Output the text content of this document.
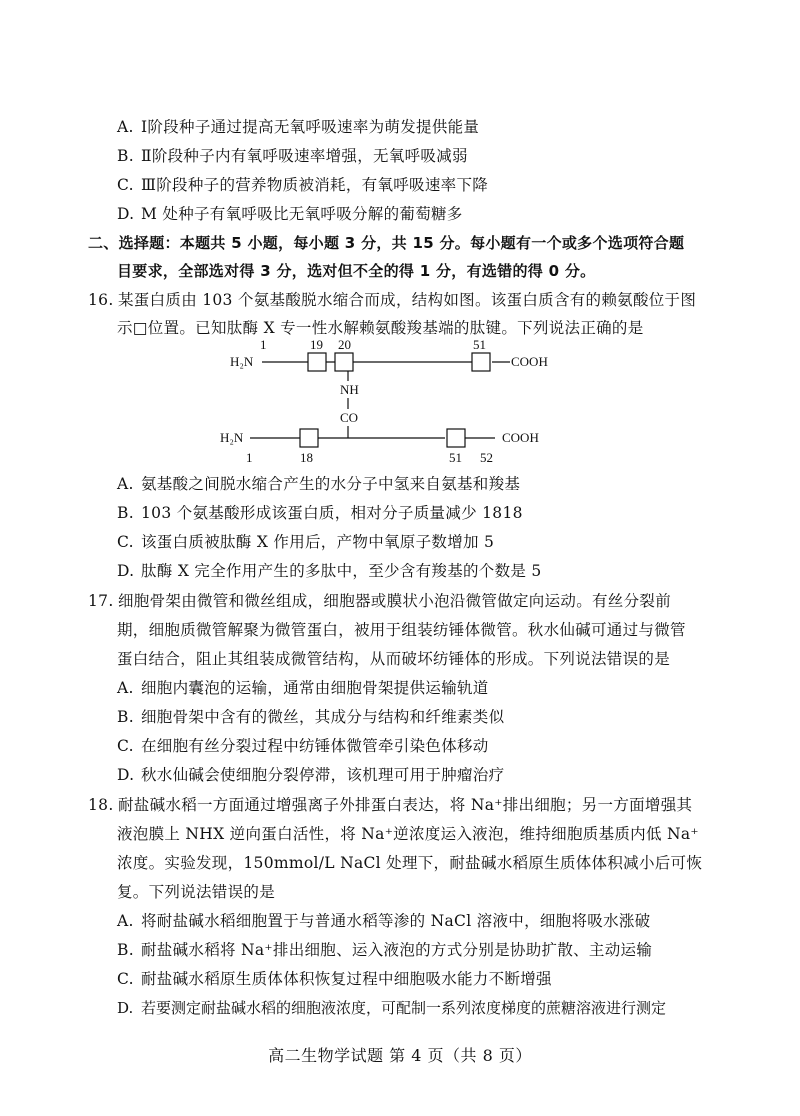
A. Ⅰ阶段种子通过提高无氧呼吸速率为萌发提供能量
B. Ⅱ阶段种子内有氧呼吸速率增强，无氧呼吸减弱
C. Ⅲ阶段种子的营养物质被消耗，有氧呼吸速率下降
D. M 处种子有氧呼吸比无氧呼吸分解的葡萄糖多
二、选择题：本题共 5 小题，每小题 3 分，共 15 分。每小题有一个或多个选项符合题
目要求，全部选对得 3 分，选对但不全的得 1 分，有选错的得 0 分。
16. 某蛋白质由 103 个氨基酸脱水缩合而成，结构如图。该蛋白质含有的赖氨酸位于图
示□位置。已知肽酶 X 专一性水解赖氨酸羧基端的肽键。下列说法正确的是
H₂N	COOH
1	19 20	51
NH
CO
H₂N	COOH
1	18	51 52
A. 氨基酸之间脱水缩合产生的水分子中氢来自氨基和羧基
B. 103 个氨基酸形成该蛋白质，相对分子质量减少 1818
C. 该蛋白质被肽酶 X 作用后，产物中氧原子数增加 5
D. 肽酶 X 完全作用产生的多肽中，至少含有羧基的个数是 5
17. 细胞骨架由微管和微丝组成，细胞器或膜状小泡沿微管做定向运动。有丝分裂前
期，细胞质微管解聚为微管蛋白，被用于组装纺锤体微管。秋水仙碱可通过与微管
蛋白结合，阻止其组装成微管结构，从而破坏纺锤体的形成。下列说法错误的是
A. 细胞内囊泡的运输，通常由细胞骨架提供运输轨道
B. 细胞骨架中含有的微丝，其成分与结构和纤维素类似
C. 在细胞有丝分裂过程中纺锤体微管牵引染色体移动
D. 秋水仙碱会使细胞分裂停滞，该机理可用于肿瘤治疗
18. 耐盐碱水稻一方面通过增强离子外排蛋白表达，将 Na⁺排出细胞；另一方面增强其
液泡膜上 NHX 逆向蛋白活性，将 Na⁺逆浓度运入液泡，维持细胞质基质内低 Na⁺
浓度。实验发现，150mmol/L NaCl 处理下，耐盐碱水稻原生质体体积减小后可恢
复。下列说法错误的是
A. 将耐盐碱水稻细胞置于与普通水稻等渗的 NaCl 溶液中，细胞将吸水涨破
B. 耐盐碱水稻将 Na⁺排出细胞、运入液泡的方式分别是协助扩散、主动运输
C. 耐盐碱水稻原生质体体积恢复过程中细胞吸水能力不断增强
D. 若要测定耐盐碱水稻的细胞液浓度，可配制一系列浓度梯度的蔗糖溶液进行测定
高二生物学试题 第 4 页（共 8 页）
